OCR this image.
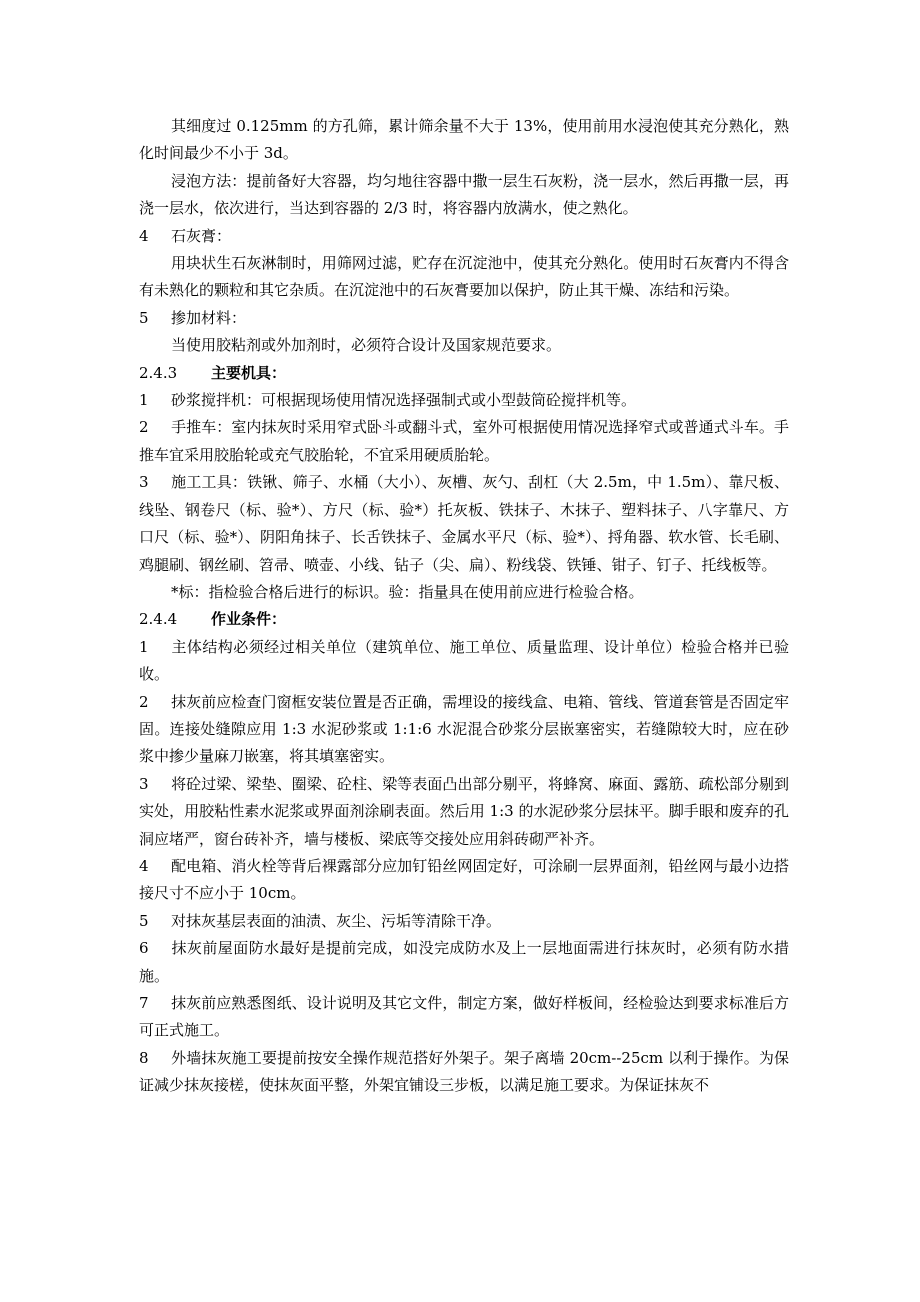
其细度过 0.125mm 的方孔筛，累计筛余量不大于 13%，使用前用水浸泡使其充分熟化，熟化时间最少不小于 3d。

浸泡方法：提前备好大容器，均匀地往容器中撒一层生石灰粉，浇一层水，然后再撒一层，再浇一层水，依次进行，当达到容器的 2/3 时，将容器内放满水，使之熟化。

4	石灰膏：

用块状生石灰淋制时，用筛网过滤，贮存在沉淀池中，使其充分熟化。使用时石灰膏内不得含有未熟化的颗粒和其它杂质。在沉淀池中的石灰膏要加以保护，防止其干燥、冻结和污染。

5	掺加材料：

当使用胶粘剂或外加剂时，必须符合设计及国家规范要求。

2.4.3	主要机具：

1 砂浆搅拌机：可根据现场使用情况选择强制式或小型鼓筒砼搅拌机等。

2 手推车：室内抹灰时采用窄式卧斗或翻斗式，室外可根据使用情况选择窄式或普通式斗车。手推车宜采用胶胎轮或充气胶胎轮，不宜采用硬质胎轮。

3 施工工具：铁锹、筛子、水桶（大小）、灰槽、灰勺、刮杠（大 2.5m，中 1.5m）、靠尺板、线坠、钢卷尺（标、验*）、方尺（标、验*）托灰板、铁抹子、木抹子、塑料抹子、八字靠尺、方口尺（标、验*）、阴阳角抹子、长舌铁抹子、金属水平尺（标、验*）、捋角器、软水管、长毛刷、鸡腿刷、钢丝刷、笤帚、喷壶、小线、钻子（尖、扁）、粉线袋、铁锤、钳子、钉子、托线板等。

*标：指检验合格后进行的标识。验：指量具在使用前应进行检验合格。

2.4.4	作业条件：

1 主体结构必须经过相关单位（建筑单位、施工单位、质量监理、设计单位）检验合格并已验收。

2 抹灰前应检查门窗框安装位置是否正确，需埋设的接线盒、电箱、管线、管道套管是否固定牢固。连接处缝隙应用 1:3 水泥砂浆或 1:1:6 水泥混合砂浆分层嵌塞密实，若缝隙较大时，应在砂浆中掺少量麻刀嵌塞，将其填塞密实。

3 将砼过梁、梁垫、圈梁、砼柱、梁等表面凸出部分剔平，将蜂窝、麻面、露筋、疏松部分剔到实处，用胶粘性素水泥浆或界面剂涂刷表面。然后用 1:3 的水泥砂浆分层抹平。脚手眼和废弃的孔洞应堵严，窗台砖补齐，墙与楼板、梁底等交接处应用斜砖砌严补齐。

4 配电箱、消火栓等背后裸露部分应加钉铅丝网固定好，可涂刷一层界面剂，铅丝网与最小边搭接尺寸不应小于 10cm。

5 对抹灰基层表面的油渍、灰尘、污垢等清除干净。

6 抹灰前屋面防水最好是提前完成，如没完成防水及上一层地面需进行抹灰时，必须有防水措施。

7 抹灰前应熟悉图纸、设计说明及其它文件，制定方案，做好样板间，经检验达到要求标准后方可正式施工。

8 外墙抹灰施工要提前按安全操作规范搭好外架子。架子离墙 20cm--25cm 以利于操作。为保证减少抹灰接槎，使抹灰面平整，外架宜铺设三步板，以满足施工要求。为保证抹灰不
